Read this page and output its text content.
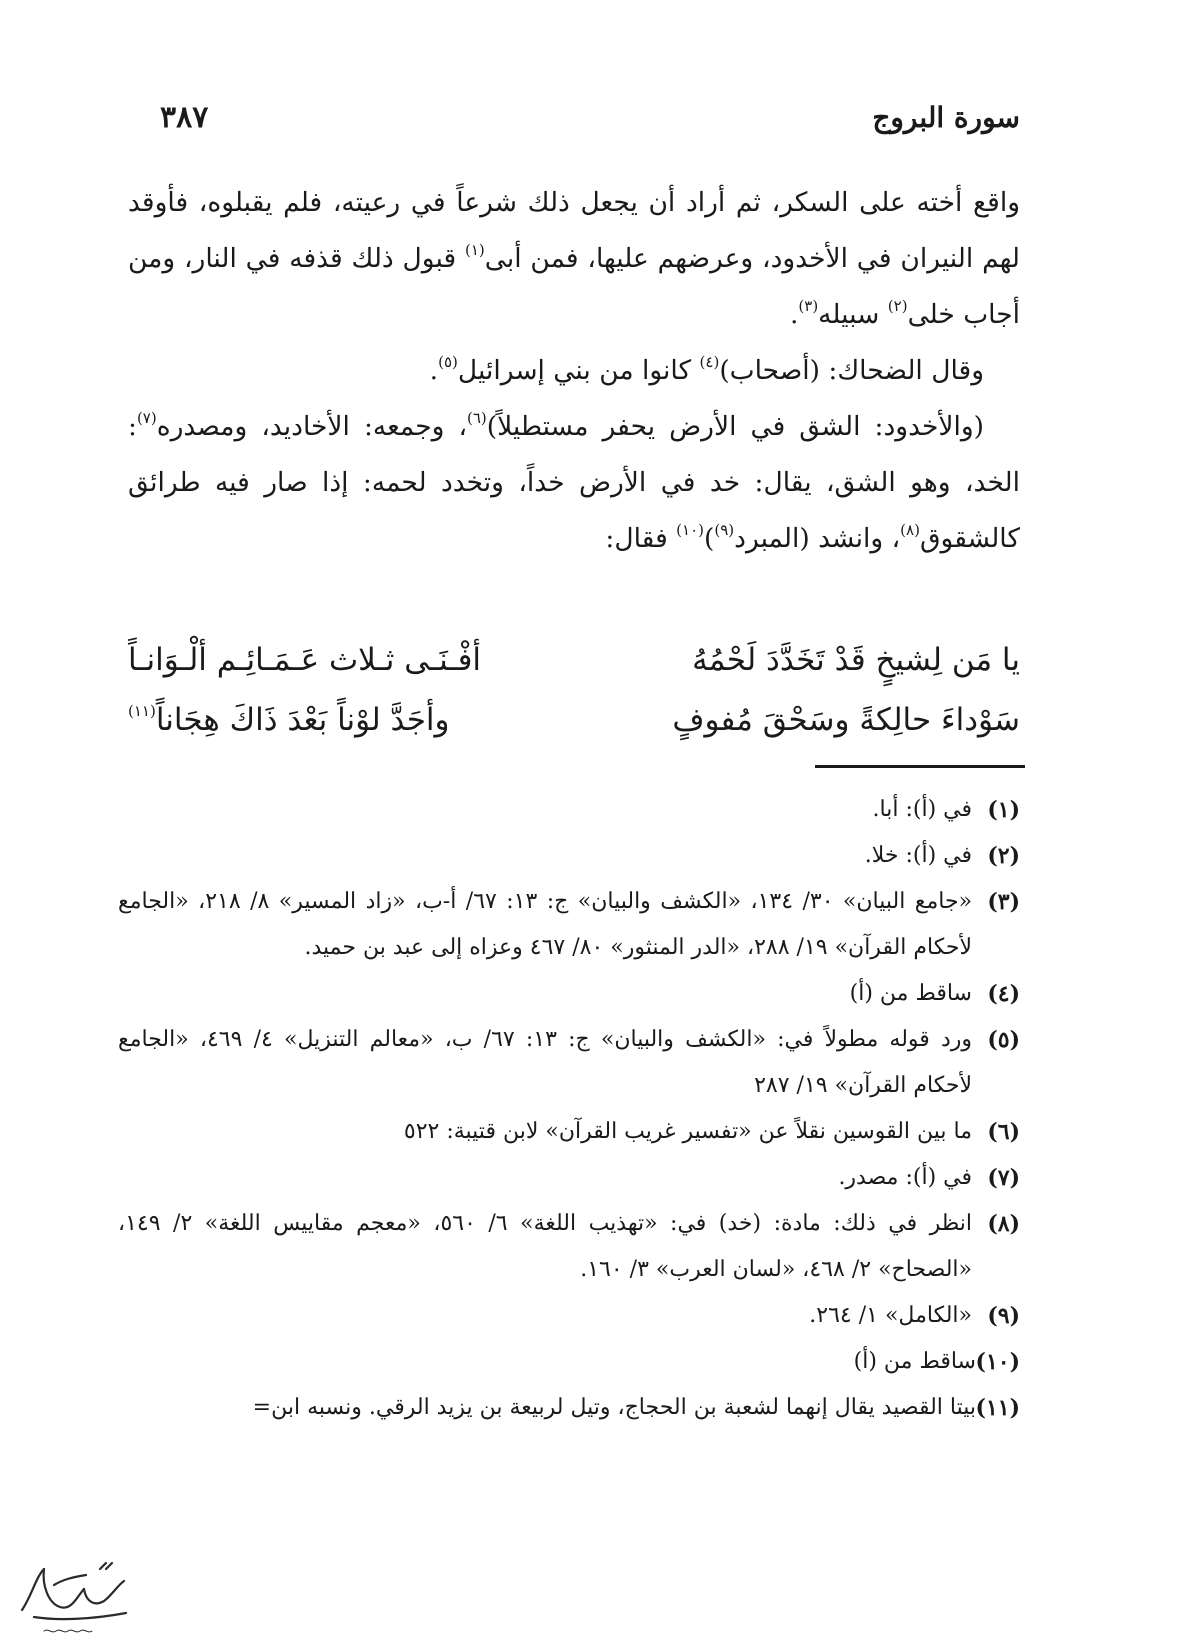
سورة البروج
٣٨٧

واقع أخته على السكر، ثم أراد أن يجعل ذلك شرعاً في رعيته، فلم يقبلوه، فأوقد لهم النيران في الأخدود، وعرضهم عليها، فمن أبى$^{(١)}$ قبول ذلك قذفه في النار، ومن أجاب خلى$^{(٢)}$ سبيله$^{(٣)}$.

وقال الضحاك: (أصحاب)$^{(٤)}$ كانوا من بني إسرائيل$^{(٥)}$.

(والأخدود: الشق في الأرض يحفر مستطيلاً)$^{(٦)}$، وجمعه: الأخاديد، ومصدره$^{(٧)}$: الخد، وهو الشق، يقال: خد في الأرض خداً، وتخدد لحمه: إذا صار فيه طرائق كالشقوق$^{(٨)}$، وانشد (المبرد$^{(٩)}$)$^{(١٠)}$ فقال:

يا مَن لِشيخٍ قَدْ تَخَدَّدَ لَحْمُهُ
أفْـنَـى ثـلاث عَـمَـائِـم ألْـوَانـاً
سَوْداءَ حالِكةً وسَحْقَ مُفوفٍ
وأجَدَّ لوْناً بَعْدَ ذَاكَ هِجَاناً$^{(١١)}$
(١)
في (أ): أبا.
(٢)
في (أ): خلا.
(٣)
«جامع البيان» ٣٠/ ١٣٤، «الكشف والبيان» ج: ١٣: ٦٧/ أ-ب، «زاد المسير» ٨/ ٢١٨، «الجامع لأحكام القرآن» ١٩/ ٢٨٨، «الدر المنثور» ٨٠/ ٤٦٧ وعزاه إلى عبد بن حميد.
(٤)
ساقط من (أ)
(٥)
ورد قوله مطولاً في: «الكشف والبيان» ج: ١٣: ٦٧/ ب، «معالم التنزيل» ٤/ ٤٦٩، «الجامع لأحكام القرآن» ١٩/ ٢٨٧
(٦)
ما بين القوسين نقلاً عن «تفسير غريب القرآن» لابن قتيبة: ٥٢٢
(٧)
في (أ): مصدر.
(٨)
انظر في ذلك: مادة: (خد) في: «تهذيب اللغة» ٦/ ٥٦٠، «معجم مقاييس اللغة» ٢/ ١٤٩، «الصحاح» ٢/ ٤٦٨، «لسان العرب» ٣/ ١٦٠.
(٩)
«الكامل» ١/ ٢٦٤.
(١٠)
ساقط من (أ)
(١١)
بيتا القصيد يقال إنهما لشعبة بن الحجاج، وتيل لربيعة بن يزيد الرقي. ونسبه ابن=
